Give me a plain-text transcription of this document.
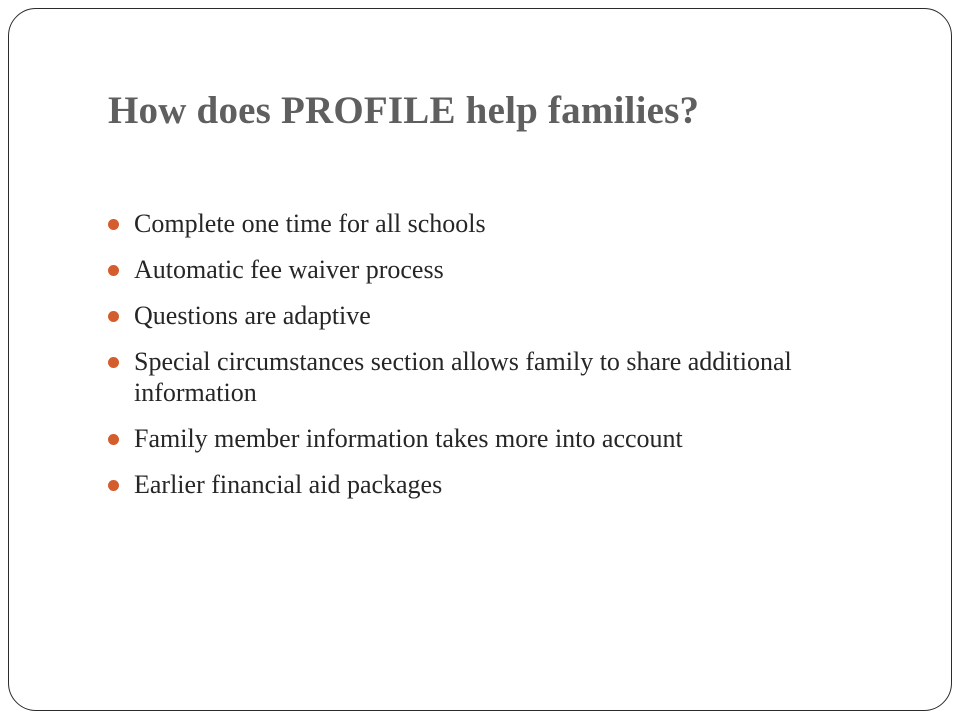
How does PROFILE help families?
Complete one time for all schools
Automatic fee waiver process
Questions are adaptive
Special circumstances section allows family to share additional information
Family member information takes more into account
Earlier financial aid packages
